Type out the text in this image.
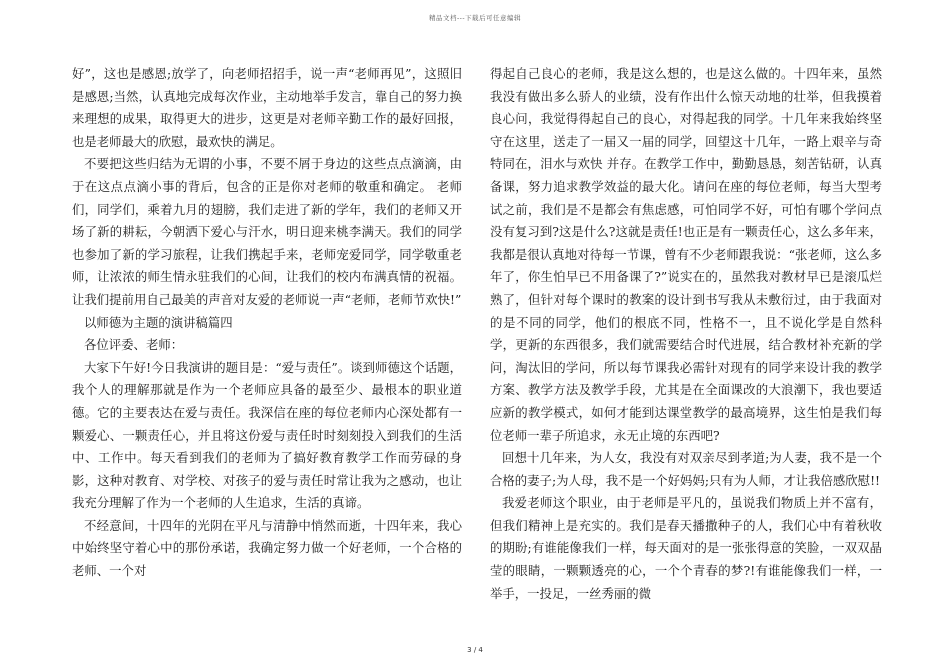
精品文档---下载后可任意编辑

好”，这也是感恩;放学了，向老师招招手，说一声“老师再见”，这照旧是感恩;当然，认真地完成每次作业，主动地举手发言，靠自己的努力换来理想的成果，取得更大的进步，这更是对老师辛勤工作的最好回报，也是老师最大的欣慰，最欢快的满足。

不要把这些归结为无谓的小事，不要不屑于身边的这些点点滴滴，由于在这点点滴小事的背后，包含的正是你对老师的敬重和确定。 老师们，同学们，乘着九月的翅膀，我们走进了新的学年，我们的老师又开场了新的耕耘，今朝洒下爱心与汗水，明日迎来桃李满天。我们的同学也参加了新的学习旅程，让我们携起手来，老师宠爱同学，同学敬重老师，让浓浓的师生情永驻我们的心间，让我们的校内布满真情的祝福。让我们提前用自己最美的声音对友爱的老师说一声“老师，老师节欢快!”

以师德为主题的演讲稿篇四

各位评委、老师：

大家下午好!今日我演讲的题目是：“爱与责任”。谈到师德这个话题，我个人的理解那就是作为一个老师应具备的最至少、最根本的职业道德。它的主要表达在爱与责任。我深信在座的每位老师内心深处都有一颗爱心、一颗责任心，并且将这份爱与责任时时刻刻投入到我们的生活中、工作中。每天看到我们的老师为了搞好教育教学工作而劳碌的身影，这种对教育、对学校、对孩子的爱与责任时常让我为之感动，也让我充分理解了作为一个老师的人生追求，生活的真谛。

不经意间，十四年的光阴在平凡与清静中悄然而逝，十四年来，我心中始终坚守着心中的那份承诺，我确定努力做一个好老师，一个合格的老师、一个对

得起自己良心的老师，我是这么想的，也是这么做的。十四年来，虽然我没有做出多么骄人的业绩，没有作出什么惊天动地的壮举，但我摸着良心问，我觉得得起自己的良心，对得起我的同学。十几年来我始终坚守在这里，送走了一届又一届的同学，回望这十几年，一路上艰辛与奇特同在，泪水与欢快 并存。在教学工作中，勤勤恳恳，刻苦钻研，认真备课，努力追求教学效益的最大化。请问在座的每位老师，每当大型考试之前，我们是不是都会有焦虑感，可怕同学不好，可怕有哪个学问点没有复习到?这是什么?这就是责任!也正是有一颗责任心，这么多年来，我都是很认真地对待每一节课，曾有不少老师跟我说：“张老师，这么多年了，你生怕早已不用备课了?”说实在的，虽然我对教材早已是滚瓜烂熟了，但针对每个课时的教案的设计到书写我从未敷衍过，由于我面对的是不同的同学，他们的根底不同，性格不一，且不说化学是自然科学，更新的东西很多，我们就需要结合时代进展，结合教材补充新的学问，淘汰旧的学问，所以每节课我必需针对现有的同学来设计我的教学方案、教学方法及教学手段，尤其是在全面课改的大浪潮下，我也要适应新的教学模式，如何才能到达课堂教学的最高境界，这生怕是我们每位老师一辈子所追求，永无止境的东西吧?

回想十几年来，为人女，我没有对双亲尽到孝道;为人妻，我不是一个合格的妻子;为人母，我不是一个好妈妈;只有为人师，才让我倍感欣慰!!

我爱老师这个职业，由于老师是平凡的，虽说我们物质上并不富有，但我们精神上是充实的。我们是春天播撒种子的人，我们心中有着秋收的期盼;有谁能像我们一样，每天面对的是一张张得意的笑脸，一双双晶莹的眼睛，一颗颗透亮的心，一个个青春的梦?!有谁能像我们一样，一举手，一投足，一丝秀丽的微

3 / 4
